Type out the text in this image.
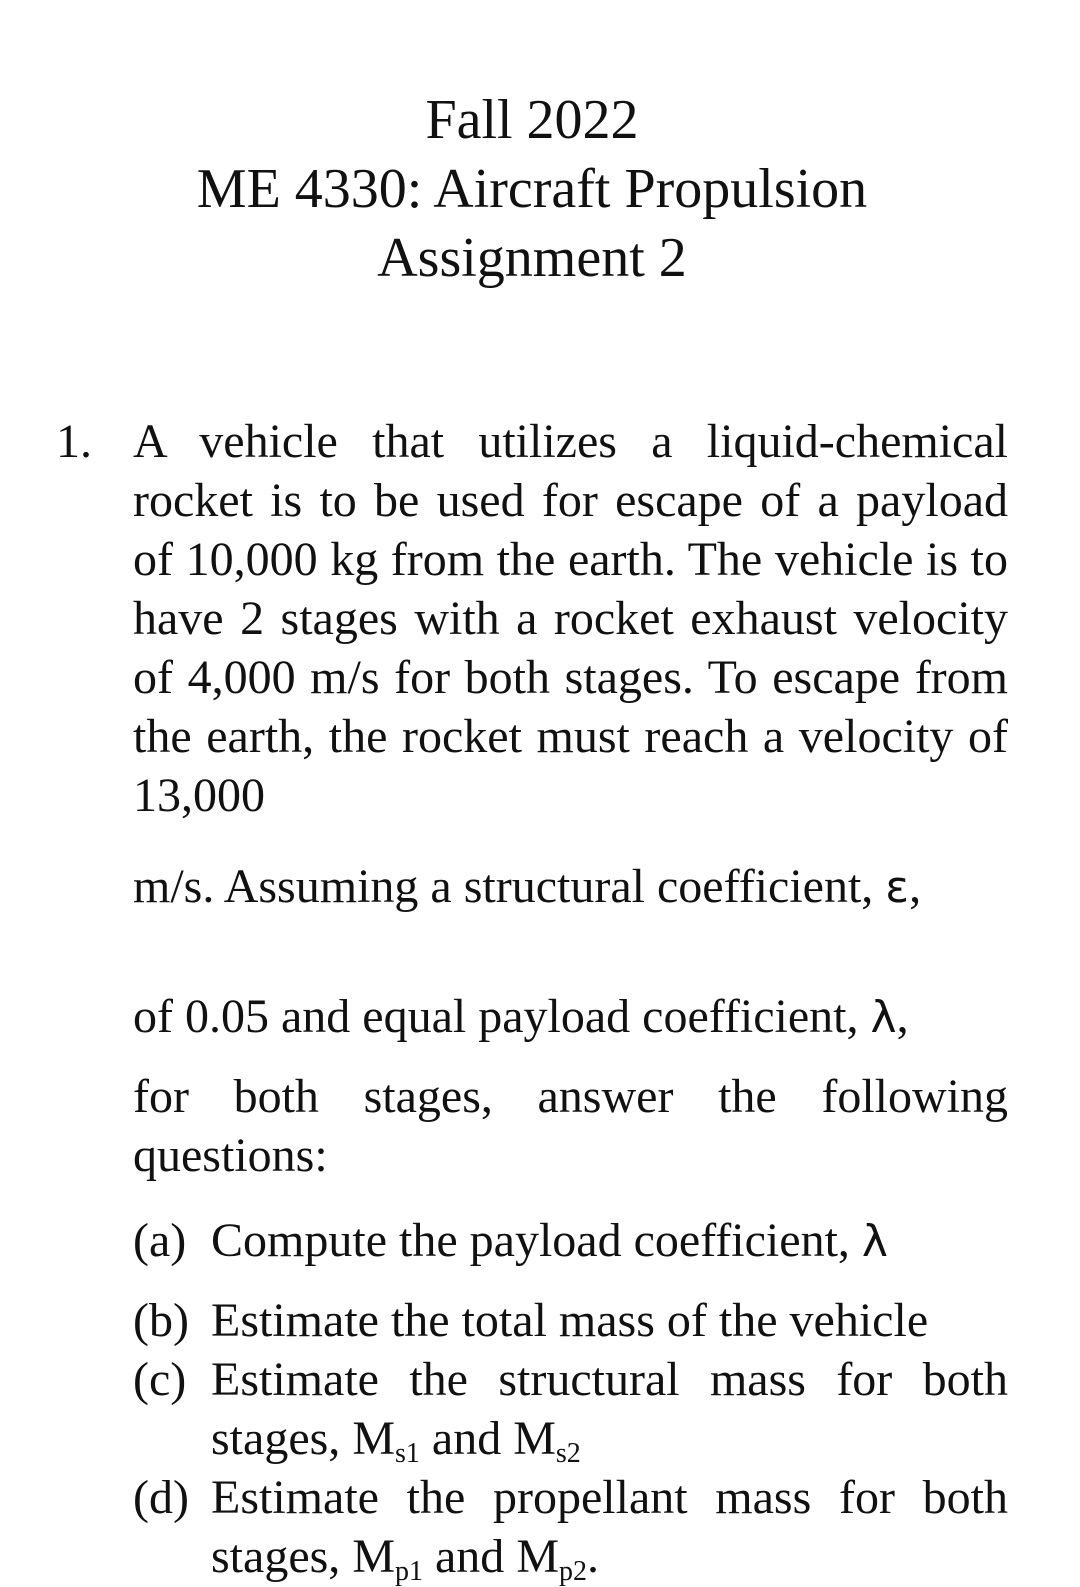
Fall 2022
ME 4330: Aircraft Propulsion
Assignment 2
1. A vehicle that utilizes a liquid-chemical rocket is to be used for escape of a payload of 10,000 kg from the earth. The vehicle is to have 2 stages with a rocket exhaust velocity of 4,000 m/s for both stages. To escape from the earth, the rocket must reach a velocity of 13,000

m/s. Assuming a structural coefficient, ε,

of 0.05 and equal payload coefficient, λ,

for both stages, answer the following questions:

(a) Compute the payload coefficient, λ
(b) Estimate the total mass of the vehicle
(c) Estimate the structural mass for both stages, $M_{s1}$ and $M_{s2}$
(d) Estimate the propellant mass for both stages, $M_{p1}$ and $M_{p2}$.
